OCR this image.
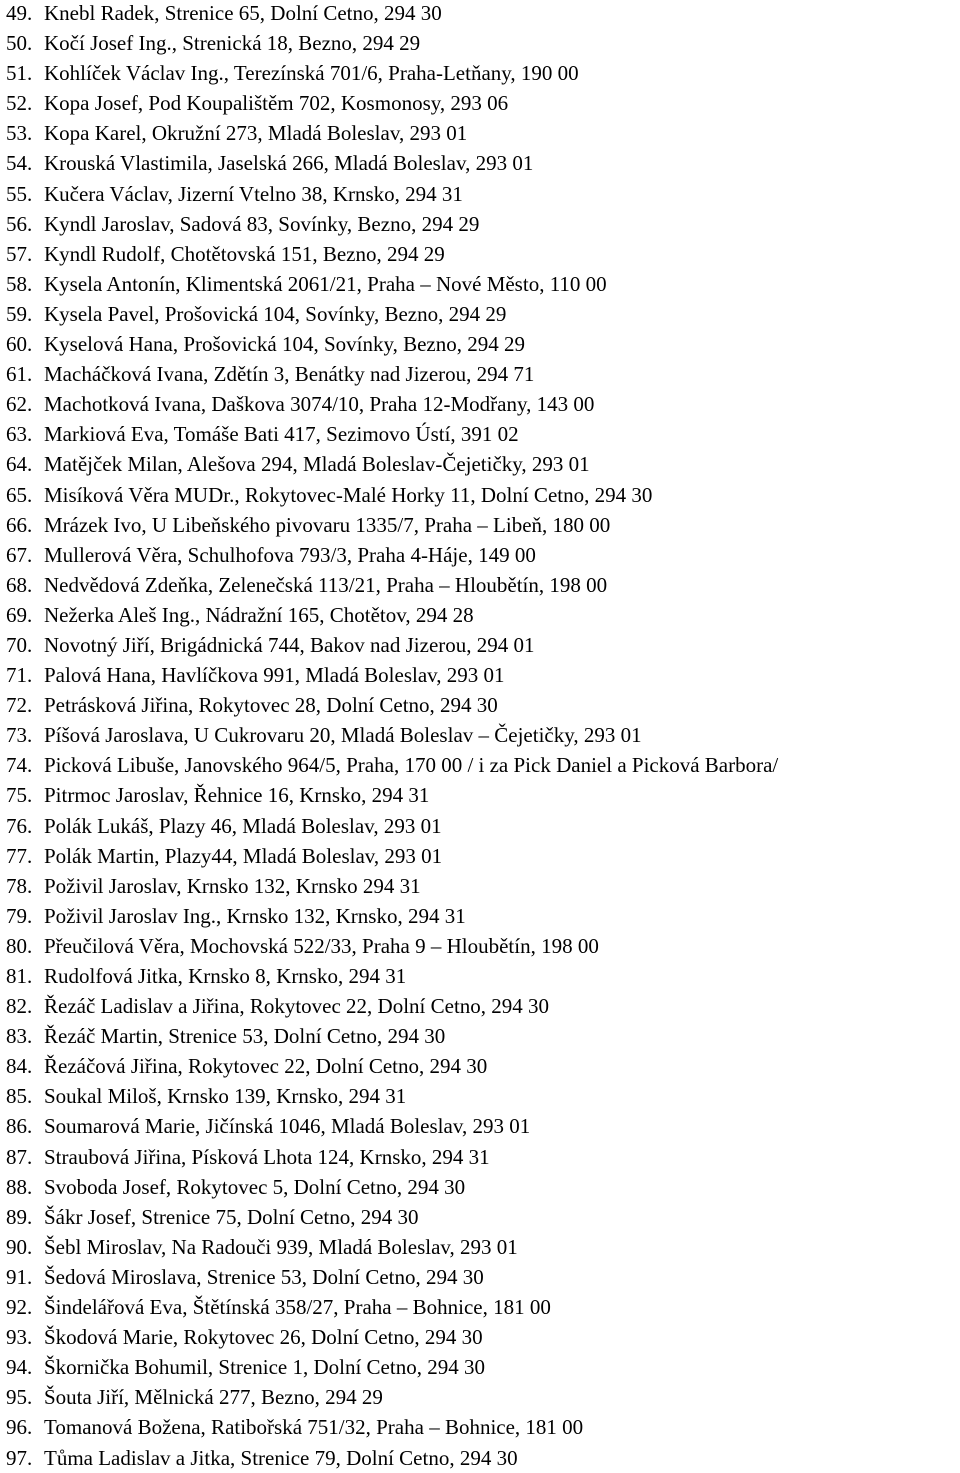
49. Knebl Radek, Strenice 65, Dolní Cetno, 294 30
50. Kočí Josef Ing., Strenická 18, Bezno, 294 29
51. Kohlíček Václav Ing., Terezínská 701/6, Praha-Letňany, 190 00
52. Kopa Josef, Pod Koupalištěm 702, Kosmonosy, 293 06
53. Kopa Karel, Okružní 273, Mladá Boleslav, 293 01
54. Krouská Vlastimila, Jaselská 266, Mladá Boleslav, 293 01
55. Kučera Václav, Jizerní Vtelno 38, Krnsko, 294 31
56. Kyndl Jaroslav, Sadová 83, Sovínky, Bezno, 294 29
57. Kyndl Rudolf, Chotětovská 151, Bezno, 294 29
58. Kysela Antonín, Klimentská 2061/21, Praha – Nové Město, 110 00
59. Kysela Pavel, Prošovická 104, Sovínky, Bezno, 294 29
60. Kyselová Hana, Prošovická 104, Sovínky, Bezno, 294 29
61. Macháčková Ivana, Zdětín 3, Benátky nad Jizerou, 294 71
62. Machotková Ivana, Daškova 3074/10, Praha 12-Modřany, 143 00
63. Markiová Eva, Tomáše Bati 417, Sezimovo Ústí, 391 02
64. Matějček Milan, Alešova 294, Mladá Boleslav-Čejetičky, 293 01
65. Misíková Věra MUDr., Rokytovec-Malé Horky 11, Dolní Cetno, 294 30
66. Mrázek Ivo, U Libeňského pivovaru 1335/7, Praha – Libeň, 180 00
67. Mullerová Věra, Schulhofova 793/3, Praha 4-Háje, 149 00
68. Nedvědová Zdeňka, Zelenečská 113/21, Praha – Hloubětín, 198 00
69. Nežerka Aleš Ing., Nádražní 165, Chotětov, 294 28
70. Novotný Jiří, Brigádnická 744, Bakov nad Jizerou, 294 01
71. Palová Hana, Havlíčkova 991, Mladá Boleslav, 293 01
72. Petrásková Jiřina, Rokytovec 28, Dolní Cetno, 294 30
73. Píšová Jaroslava, U Cukrovaru 20, Mladá Boleslav – Čejetičky, 293 01
74. Picková Libuše, Janovského 964/5, Praha, 170 00 / i za Pick Daniel a Picková Barbora/
75. Pitrmoc Jaroslav, Řehnice 16, Krnsko, 294 31
76. Polák Lukáš, Plazy 46, Mladá Boleslav, 293 01
77. Polák Martin, Plazy44, Mladá Boleslav, 293 01
78. Poživil Jaroslav, Krnsko 132, Krnsko 294 31
79. Poživil Jaroslav Ing., Krnsko 132, Krnsko, 294 31
80. Přeučilová Věra, Mochovská 522/33, Praha 9 – Hloubětín, 198 00
81. Rudolfová Jitka, Krnsko 8, Krnsko, 294 31
82. Řezáč Ladislav a Jiřina, Rokytovec 22, Dolní Cetno, 294 30
83. Řezáč Martin, Strenice 53, Dolní Cetno, 294 30
84. Řezáčová Jiřina, Rokytovec 22, Dolní Cetno, 294 30
85. Soukal Miloš, Krnsko 139, Krnsko, 294 31
86. Soumarová Marie, Jičínská 1046, Mladá Boleslav, 293 01
87. Straubová Jiřina, Písková Lhota 124, Krnsko, 294 31
88. Svoboda Josef, Rokytovec 5, Dolní Cetno, 294 30
89. Šákr Josef, Strenice 75, Dolní Cetno, 294 30
90. Šebl Miroslav, Na Radouči 939, Mladá Boleslav, 293 01
91. Šedová Miroslava, Strenice 53, Dolní Cetno, 294 30
92. Šindelářová Eva, Štětínská 358/27, Praha – Bohnice, 181 00
93. Škodová Marie, Rokytovec 26, Dolní Cetno, 294 30
94. Škornička Bohumil, Strenice 1, Dolní Cetno, 294 30
95. Šouta Jiří, Mělnická 277, Bezno, 294 29
96. Tomanová Božena, Ratibořská 751/32, Praha – Bohnice, 181 00
97. Tůma Ladislav a Jitka, Strenice 79, Dolní Cetno, 294 30
